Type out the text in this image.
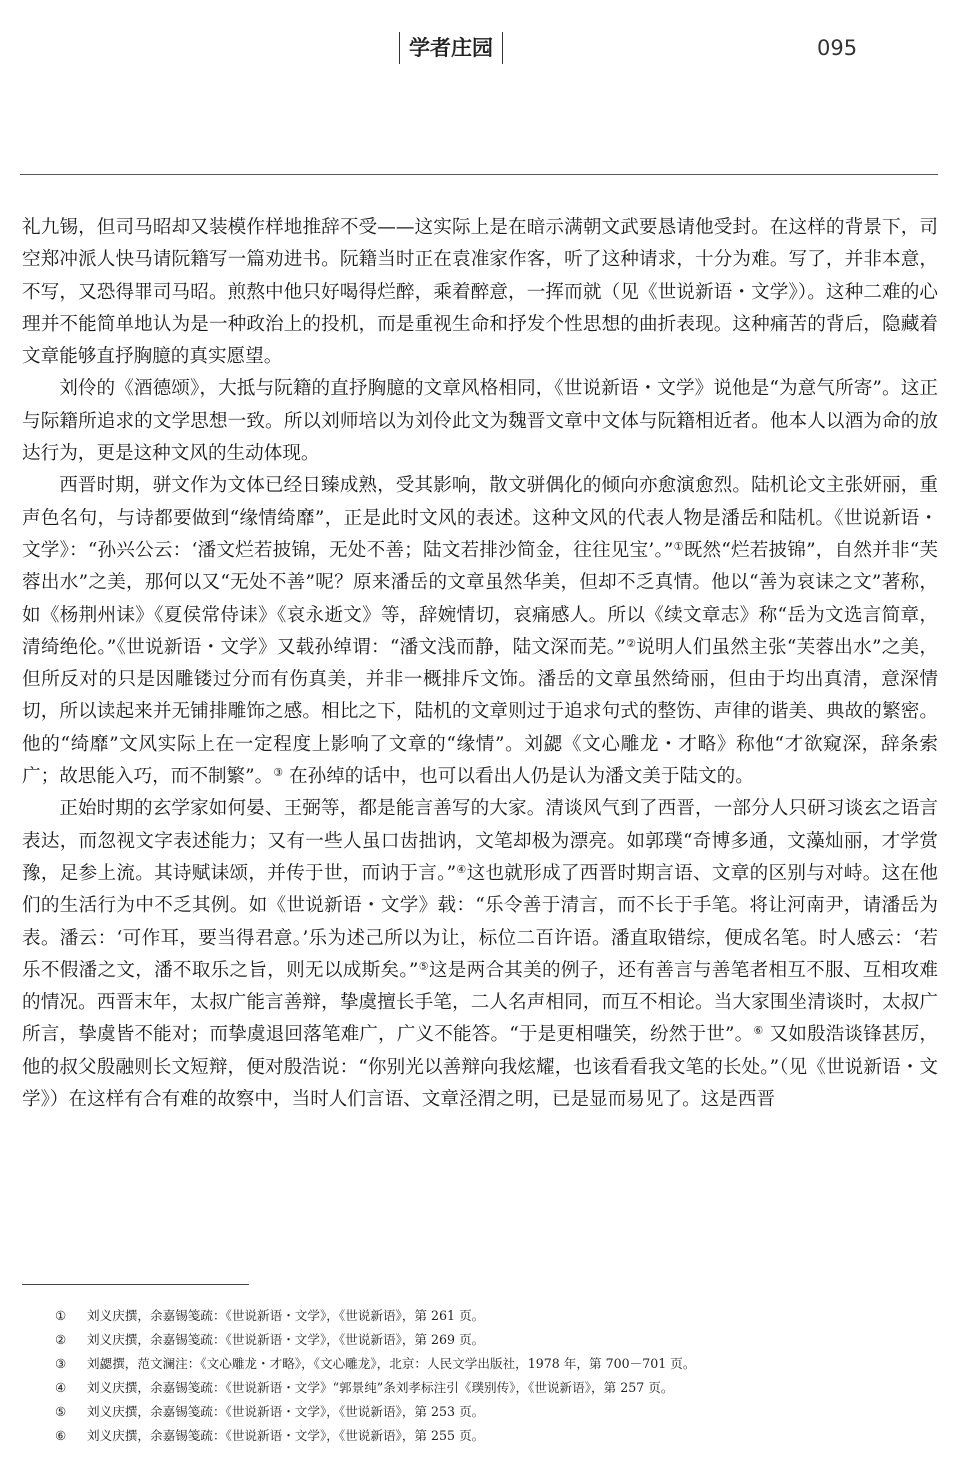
学者庄园	095

礼九锡，但司马昭却又装模作样地推辞不受——这实际上是在暗示满朝文武要恳请他受封。在这样的背景下，司空郑冲派人快马请阮籍写一篇劝进书。阮籍当时正在袁准家作客，听了这种请求，十分为难。写了，并非本意，不写，又恐得罪司马昭。煎熬中他只好喝得烂醉，乘着醉意，一挥而就（见《世说新语・文学》）。这种二难的心理并不能简单地认为是一种政治上的投机，而是重视生命和抒发个性思想的曲折表现。这种痛苦的背后，隐藏着文章能够直抒胸臆的真实愿望。

刘伶的《酒德颂》，大抵与阮籍的直抒胸臆的文章风格相同，《世说新语・文学》说他是“为意气所寄”。这正与际籍所追求的文学思想一致。所以刘师培以为刘伶此文为魏晋文章中文体与阮籍相近者。他本人以酒为命的放达行为，更是这种文风的生动体现。

西晋时期，骈文作为文体已经日臻成熟，受其影响，散文骈偶化的倾向亦愈演愈烈。陆机论文主张妍丽，重声色名句，与诗都要做到“缘情绮靡”，正是此时文风的表述。这种文风的代表人物是潘岳和陆机。《世说新语・文学》：“孙兴公云：‘潘文烂若披锦，无处不善；陆文若排沙简金，往往见宝’。”①既然“烂若披锦”，自然并非“芙蓉出水”之美，那何以又“无处不善”呢？原来潘岳的文章虽然华美，但却不乏真情。他以“善为哀诔之文”著称，如《杨荆州诔》《夏侯常侍诔》《哀永逝文》等，辞婉情切，哀痛感人。所以《续文章志》称“岳为文选言简章，清绮绝伦。”《世说新语・文学》又载孙绰谓：“潘文浅而静，陆文深而芜。”②说明人们虽然主张“芙蓉出水”之美，但所反对的只是因雕镂过分而有伤真美，并非一概排斥文饰。潘岳的文章虽然绮丽，但由于均出真清，意深情切，所以读起来并无铺排雕饰之感。相比之下，陆机的文章则过于追求句式的整饬、声律的谐美、典故的繁密。他的“绮靡”文风实际上在一定程度上影响了文章的“缘情”。刘勰《文心雕龙・才略》称他“才欲窥深，辞条索广；故思能入巧，而不制繁”。③ 在孙绰的话中，也可以看出人仍是认为潘文美于陆文的。

正始时期的玄学家如何晏、王弼等，都是能言善写的大家。清谈风气到了西晋，一部分人只研习谈玄之语言表达，而忽视文字表述能力；又有一些人虽口齿拙讷，文笔却极为漂亮。如郭璞“奇博多通，文藻灿丽，才学赏豫，足参上流。其诗赋诔颂，并传于世，而讷于言。”④这也就形成了西晋时期言语、文章的区别与对峙。这在他们的生活行为中不乏其例。如《世说新语・文学》载：“乐令善于清言，而不长于手笔。将让河南尹，请潘岳为表。潘云：‘可作耳，要当得君意。’乐为述己所以为让，标位二百许语。潘直取错综，便成名笔。时人感云：‘若乐不假潘之文，潘不取乐之旨，则无以成斯矣。”⑤这是两合其美的例子，还有善言与善笔者相互不服、互相攻难的情况。西晋末年，太叔广能言善辩，挚虞擅长手笔，二人名声相同，而互不相论。当大家围坐清谈时，太叔广所言，挚虞皆不能对；而挚虞退回落笔难广，广义不能答。“于是更相嗤笑，纷然于世”。⑥ 又如殷浩谈锋甚厉，他的叔父殷融则长文短辩，便对殷浩说：“你别光以善辩向我炫耀，也该看看我文笔的长处。”（见《世说新语・文学》）在这样有合有难的故察中，当时人们言语、文章泾渭之明，已是显而易见了。这是西晋

① 刘义庆撰，余嘉锡笺疏：《世说新语・文学》，《世说新语》，第 261 页。
② 刘义庆撰，余嘉锡笺疏：《世说新语・文学》，《世说新语》，第 269 页。
③ 刘勰撰，范文澜注：《文心雕龙・才略》，《文心雕龙》，北京：人民文学出版社，1978 年，第 700－701 页。
④ 刘义庆撰，余嘉锡笺疏：《世说新语・文学》“郭景纯”条刘孝标注引《璞别传》，《世说新语》，第 257 页。
⑤ 刘义庆撰，余嘉锡笺疏：《世说新语・文学》，《世说新语》，第 253 页。
⑥ 刘义庆撰，余嘉锡笺疏：《世说新语・文学》，《世说新语》，第 255 页。
